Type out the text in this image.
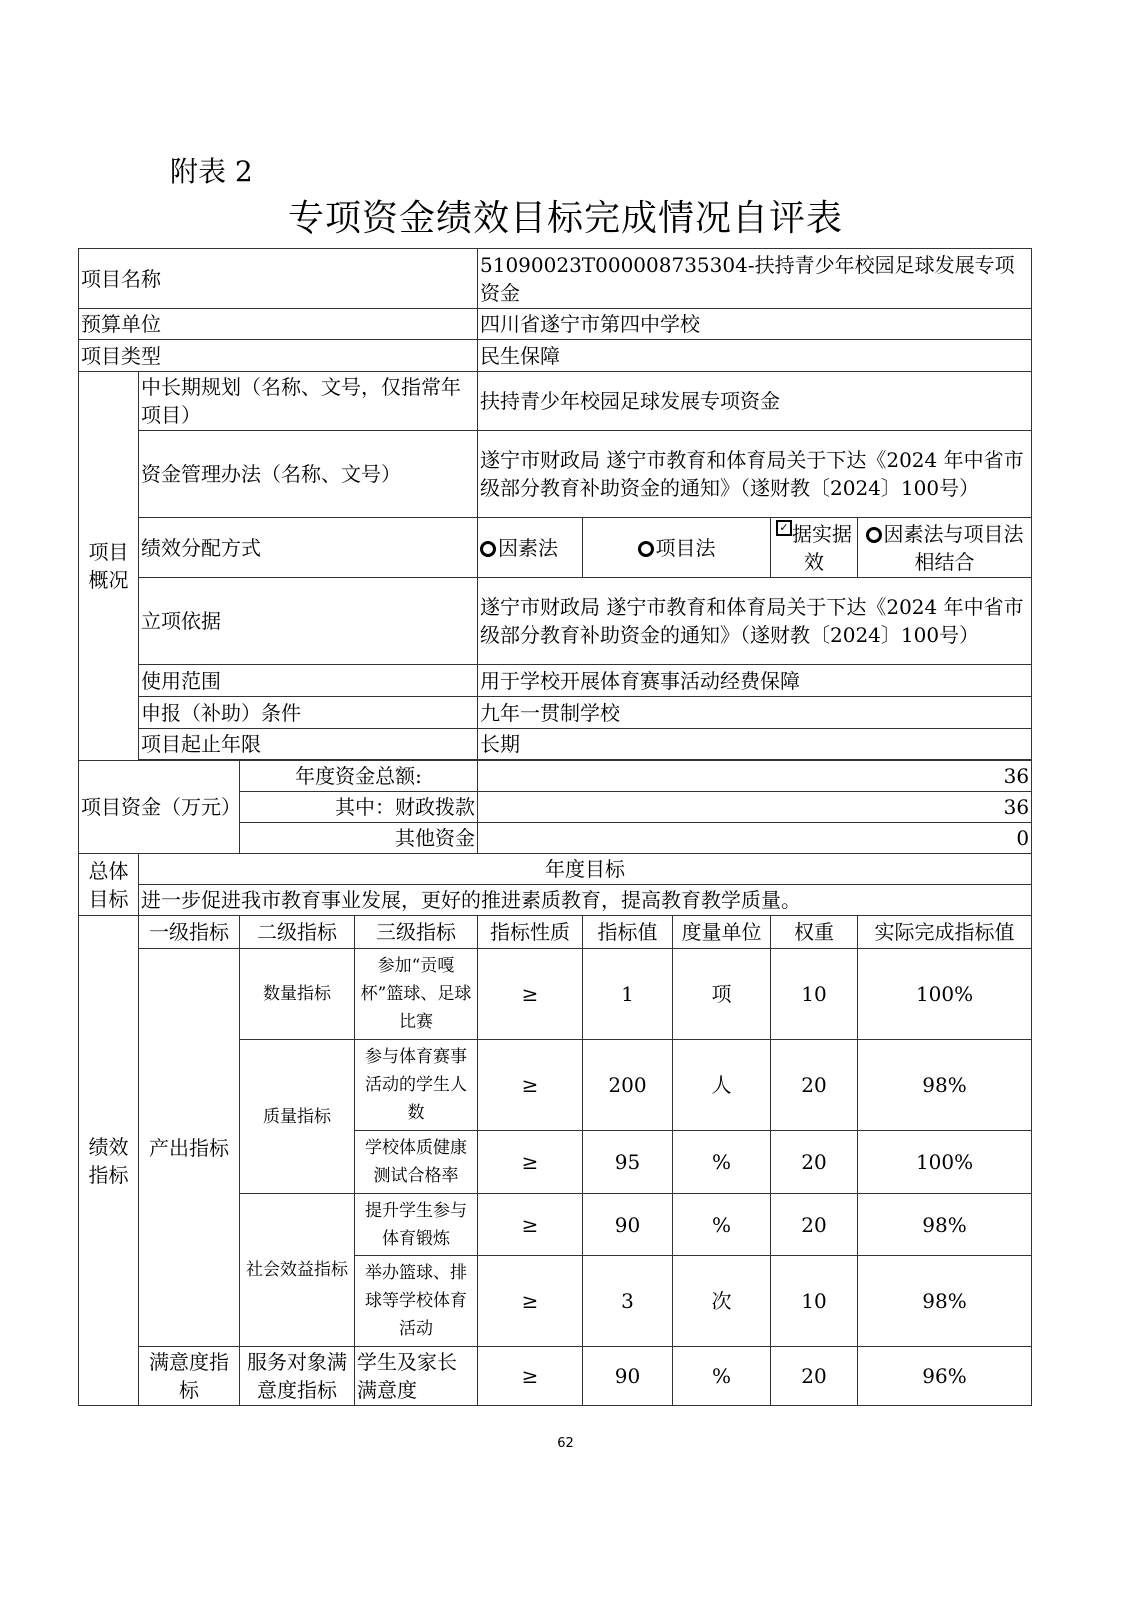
附表 2
专项资金绩效目标完成情况自评表
项目名称				51090023T000008735304-扶持青少年校园足球发展专项资金				
预算单位				四川省遂宁市第四中学校				
项目类型				民生保障				
项目概况	中长期规划（名称、文号，仅指常年项目）			扶持青少年校园足球发展专项资金				
	资金管理办法（名称、文号）			遂宁市财政局 遂宁市教育和体育局关于下达《2024 年中省市级部分教育补助资金的通知》（遂财教〔2024〕100号）				
	绩效分配方式			因素法	项目法		✓ 据实据效	因素法与项目法相结合
	立项依据			遂宁市财政局 遂宁市教育和体育局关于下达《2024 年中省市级部分教育补助资金的通知》（遂财教〔2024〕100号）				
	使用范围			用于学校开展体育赛事活动经费保障				
	申报（补助）条件			九年一贯制学校				
	项目起止年限			长期				

项目资金（万元）		年度资金总额:		36				
		其中：财政拨款		36				
		其他资金		0				
总体目标	年度目标							
	进一步促进我市教育事业发展，更好的推进素质教育，提高教育教学质量。							
绩效指标	一级指标	二级指标	三级指标	指标性质	指标值	度量单位	权重	实际完成指标值
	产出指标	数量指标	参加“贡嘎杯”篮球、足球比赛	≥	1	项	10	100%
		质量指标	参与体育赛事活动的学生人数	≥	200	人	20	98%
			学校体质健康测试合格率	≥	95	%	20	100%
		社会效益指标	提升学生参与体育锻炼	≥	90	%	20	98%
			举办篮球、排球等学校体育活动	≥	3	次	10	98%
	满意度指标	服务对象满意度指标	学生及家长满意度	≥	90	%	20	96%
62
